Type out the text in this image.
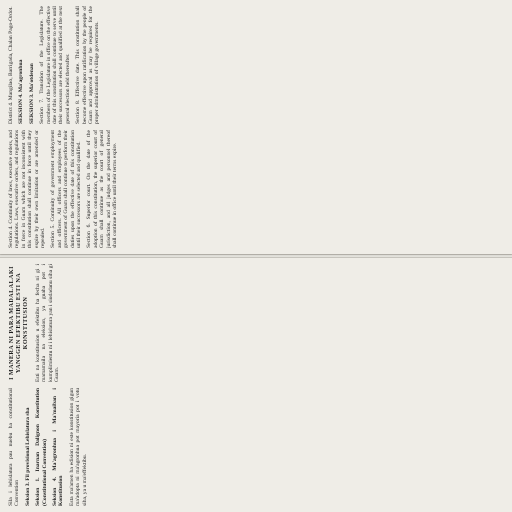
Sila i lehislatura pau nuebu ha constitutional Convention Seksion 3. Fil provisional Lehislatura sha Seksion 1. Inarnan Dalignon Konstitution (Constitutional Convention) Seksion 4. Ma'agronhua i Ma'maiban i Konstitusion Esta ma'amen ha edision ni este konstitusion gigun ma'adopta ni ma'agronhua pot mayoria pot i votu siha, ya u ma'effektibu.

I MANERA NI PARA MADALALAKI YANGGEN EFEKTIBU ESTI NA KONSTITUSION Esti na konstitusion u efektibu ha fecha ni gi i mamamaila na eleksion, ya guaha pot i kumplimientu ni i lehislatura yan i siudadanu siha gi Guam.

Section 4. Continuity of laws, executive orders, and regulations. Laws, executive orders, and regulations in force in Guam which are not inconsistent with this constitution shall continue in force until they expire by their own limitation or are amended or repealed. Section 5. Continuity of government employment and officers. All officers and employees of the government of Guam shall continue to perform their duties upon the effective date of this constitution until their successors are selected and qualified. Section 6. Superior court. On the date of the adoption of this constitution, the superior court of Guam shall continue as the court of general jurisdiction, and all judges and personnel thereof shall continue in office until their terms expire.

District 4. Mangilao, Barrigada, Chalan Pago-Ordot. SEKSION 4. Ma'agronhua SEKSION 3. Ma'otdenan Section 7. Transition of the Legislature. The members of the Legislature in office on the effective date of this constitution shall continue to serve until their successors are elected and qualified at the next general election held thereafter. Section 8. Effective date. This constitution shall become effective upon ratification by the people of Guam and approval as may be required for the proper administration of village governments.
